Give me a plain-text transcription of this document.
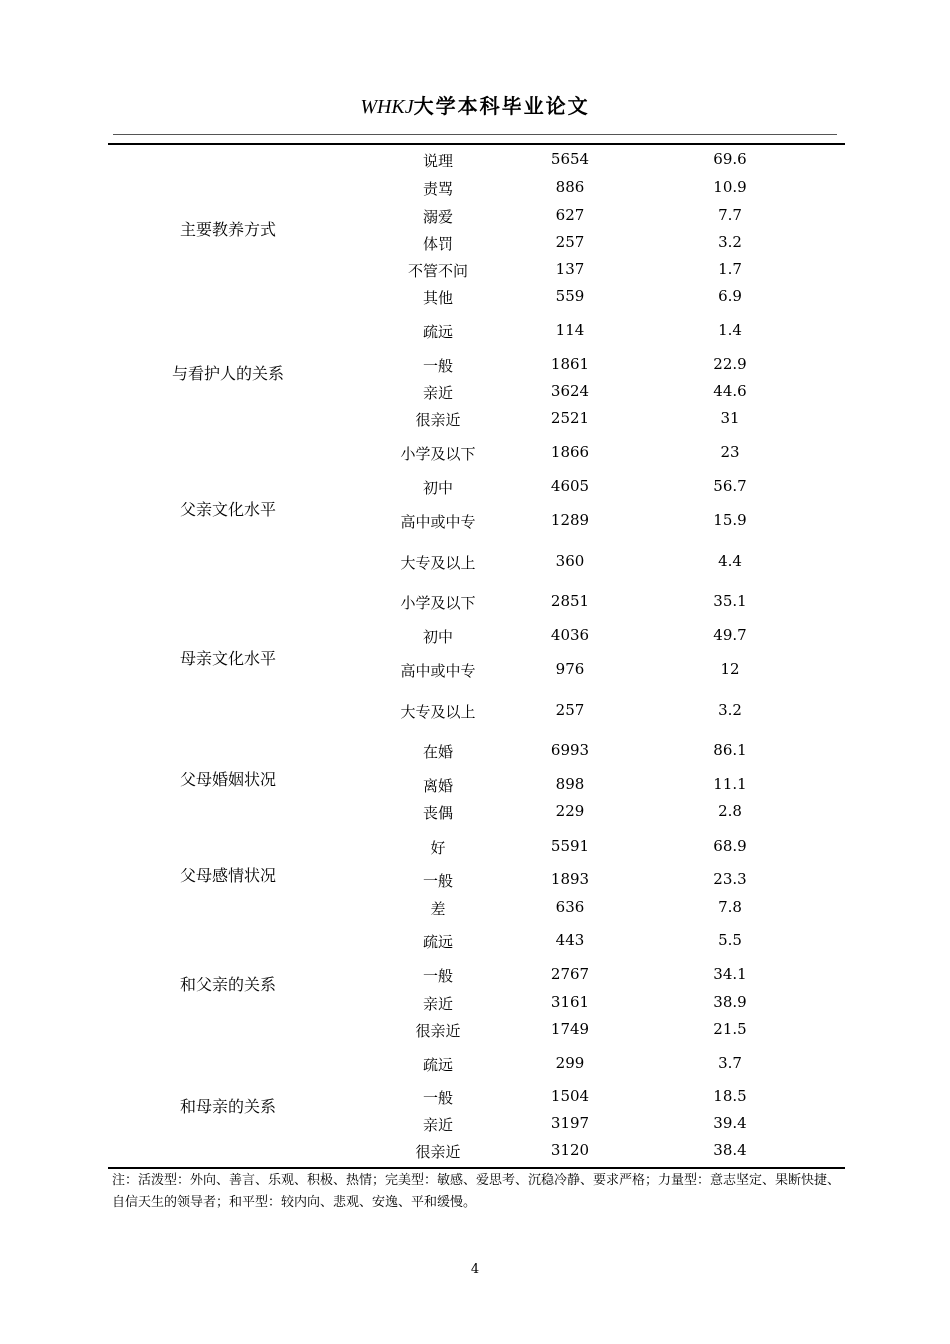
WHKJ大学本科毕业论文
主要教养方式
说理	5654	69.6
责骂	886	10.9
溺爱	627	7.7
体罚	257	3.2
不管不问	137	1.7
其他	559	6.9
与看护人的关系
疏远	114	1.4
一般	1861	22.9
亲近	3624	44.6
很亲近	2521	31
父亲文化水平
小学及以下	1866	23
初中	4605	56.7
高中或中专	1289	15.9
大专及以上	360	4.4
母亲文化水平
小学及以下	2851	35.1
初中	4036	49.7
高中或中专	976	12
大专及以上	257	3.2
父母婚姻状况
在婚	6993	86.1
离婚	898	11.1
丧偶	229	2.8
父母感情状况
好	5591	68.9
一般	1893	23.3
差	636	7.8
和父亲的关系
疏远	443	5.5
一般	2767	34.1
亲近	3161	38.9
很亲近	1749	21.5
和母亲的关系
疏远	299	3.7
一般	1504	18.5
亲近	3197	39.4
很亲近	3120	38.4
注：活泼型：外向、善言、乐观、积极、热情；完美型：敏感、爱思考、沉稳冷静、要求严格；力量型：意志坚定、果断快捷、自信天生的领导者；和平型：较内向、悲观、安逸、平和缓慢。
4
